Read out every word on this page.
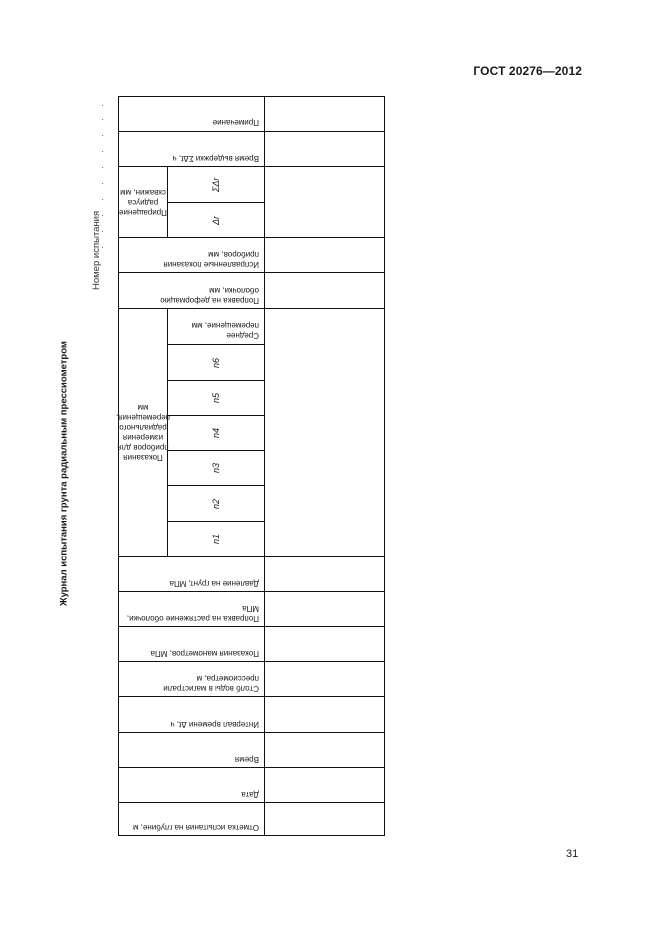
ГОСТ 20276—2012
Журнал испытания грунта радиальным прессиометром
Номер испытания
Примечание
Время выдержки ΣΔt, ч
Приращение радиуса скважин, мм
ΣΔr
Δr
Исправленные показания приборов, мм
Поправка на деформацию оболочки, мм
Показания приборов для измерения радиального перемещения, мм
Среднее перемещение, мм
n6
n5
n4
n3
n2
n1
Давление на грунт, МПа
Поправка на растяжение оболочки, МПа
Показания манометров, МПа
Столб воды в магистрали прессиометра, м
Интервал времени Δt, ч
Время
Дата
Отметка испытания на глубине, м
31
